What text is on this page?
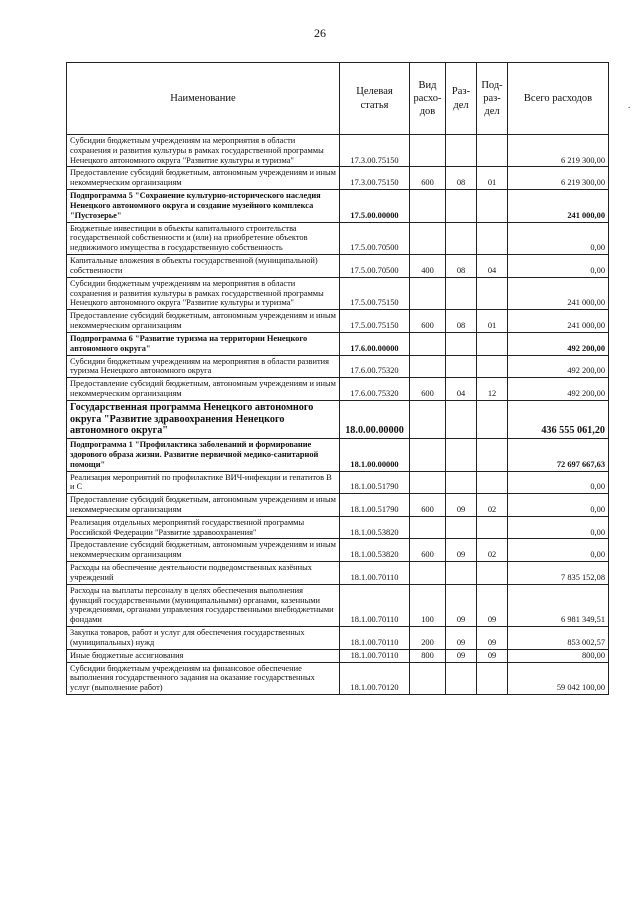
26
.
Наименование	Целевая статья	Вид расхо-дов	Раз-дел	Под-раз-дел	Всего расходов
Субсидии бюджетным учреждениям на мероприятия в области сохранения и развития культуры в рамках государственной программы Ненецкого автономного округа "Развитие культуры и туризма"	17.3.00.75150				6 219 300,00
Предоставление субсидий бюджетным, автономным учреждениям и иным некоммерческим организациям	17.3.00.75150	600	08	01	6 219 300,00
Подпрограмма 5 "Сохранение культурно-исторического наследия Ненецкого автономного округа и создание музейного комплекса "Пустозерье"	17.5.00.00000				241 000,00
Бюджетные инвестиции в объекты капитального строительства государственной собственности и (или) на приобретение объектов недвижимого имущества в государственную собственность	17.5.00.70500				0,00
Капитальные вложения в объекты государственной (муниципальной) собственности	17.5.00.70500	400	08	04	0,00
Субсидии бюджетным учреждениям на мероприятия в области сохранения и развития культуры в рамках государственной программы Ненецкого автономного округа "Развитие культуры и туризма"	17.5.00.75150				241 000,00
Предоставление субсидий бюджетным, автономным учреждениям и иным некоммерческим организациям	17.5.00.75150	600	08	01	241 000,00
Подпрограмма 6 "Развитие туризма на территории Ненецкого автономного округа"	17.6.00.00000				492 200,00
Субсидии бюджетным учреждениям на мероприятия в области развития туризма Ненецкого автономного округа	17.6.00.75320				492 200,00
Предоставление субсидий бюджетным, автономным учреждениям и иным некоммерческим организациям	17.6.00.75320	600	04	12	492 200,00
Государственная программа Ненецкого автономного округа "Развитие здравоохранения Ненецкого автономного округа"	18.0.00.00000				436 555 061,20
Подпрограмма 1 "Профилактика заболеваний и формирование здорового образа жизни. Развитие первичной медико-санитарной помощи"	18.1.00.00000				72 697 667,63
Реализация мероприятий по профилактике ВИЧ-инфекции и гепатитов В и С	18.1.00.51790				0,00
Предоставление субсидий бюджетным, автономным учреждениям и иным некоммерческим организациям	18.1.00.51790	600	09	02	0,00
Реализация отдельных мероприятий государственной программы Российской Федерации "Развитие здравоохранения"	18.1.00.53820				0,00
Предоставление субсидий бюджетным, автономным учреждениям и иным некоммерческим организациям	18.1.00.53820	600	09	02	0,00
Расходы на обеспечение деятельности подведомственных казённых учреждений	18.1.00.70110				7 835 152,08
Расходы на выплаты персоналу в целях обеспечения выполнения функций государственными (муниципальными) органами, казенными учреждениями, органами управления государственными внебюджетными фондами	18.1.00.70110	100	09	09	6 981 349,51
Закупка товаров, работ и услуг для обеспечения государственных (муниципальных) нужд	18.1.00.70110	200	09	09	853 002,57
Иные бюджетные ассигнования	18.1.00.70110	800	09	09	800,00
Субсидии бюджетным учреждениям на финансовое обеспечение выполнения государственного задания на оказание государственных услуг (выполнение работ)	18.1.00.70120				59 042 100,00
